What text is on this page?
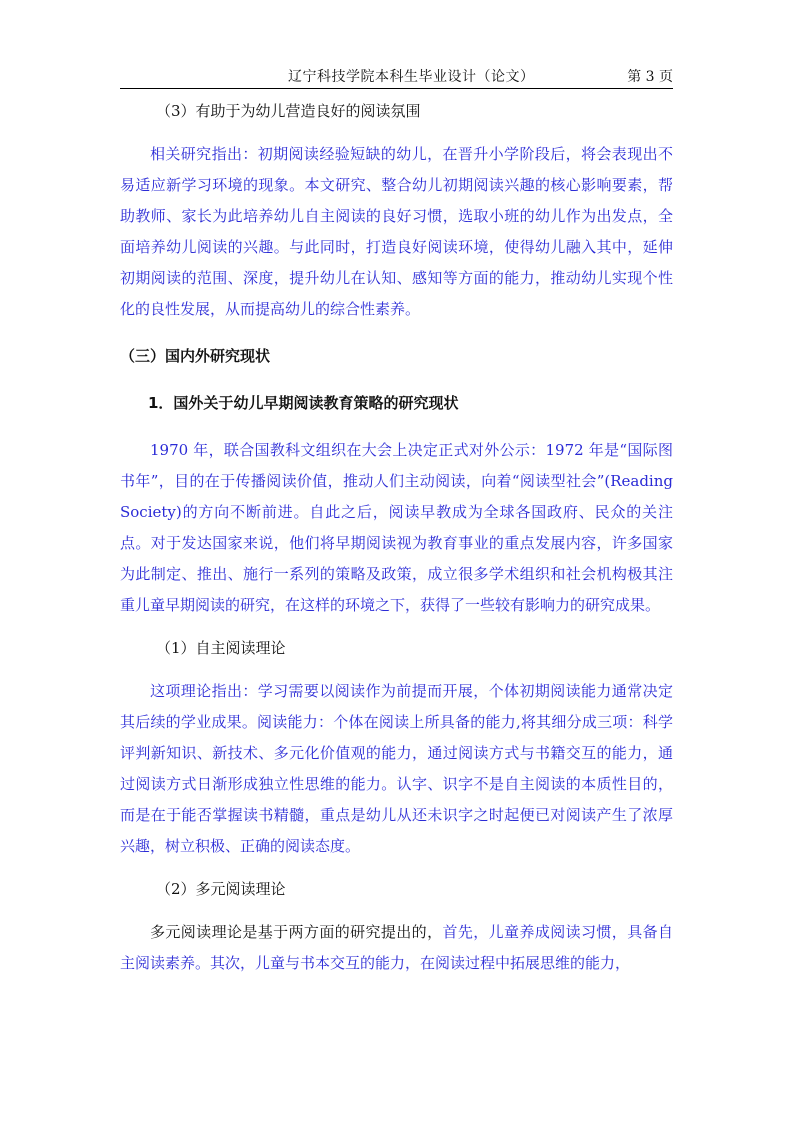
辽宁科技学院本科生毕业设计（论文）	第 3 页

（3）有助于为幼儿营造良好的阅读氛围

相关研究指出：初期阅读经验短缺的幼儿，在晋升小学阶段后，将会表现出不易适应新学习环境的现象。本文研究、整合幼儿初期阅读兴趣的核心影响要素，帮助教师、家长为此培养幼儿自主阅读的良好习惯，选取小班的幼儿作为出发点，全面培养幼儿阅读的兴趣。与此同时，打造良好阅读环境，使得幼儿融入其中，延伸初期阅读的范围、深度，提升幼儿在认知、感知等方面的能力，推动幼儿实现个性化的良性发展，从而提高幼儿的综合性素养。

（三）国内外研究现状

1．国外关于幼儿早期阅读教育策略的研究现状

1970 年，联合国教科文组织在大会上决定正式对外公示：1972 年是“国际图书年”，目的在于传播阅读价值，推动人们主动阅读，向着“阅读型社会”(Reading Society)的方向不断前进。自此之后，阅读早教成为全球各国政府、民众的关注点。对于发达国家来说，他们将早期阅读视为教育事业的重点发展内容，许多国家为此制定、推出、施行一系列的策略及政策，成立很多学术组织和社会机构极其注重儿童早期阅读的研究，在这样的环境之下，获得了一些较有影响力的研究成果。

（1）自主阅读理论

这项理论指出：学习需要以阅读作为前提而开展，个体初期阅读能力通常决定其后续的学业成果。阅读能力：个体在阅读上所具备的能力,将其细分成三项：科学评判新知识、新技术、多元化价值观的能力，通过阅读方式与书籍交互的能力，通过阅读方式日渐形成独立性思维的能力。认字、识字不是自主阅读的本质性目的，而是在于能否掌握读书精髓，重点是幼儿从还未识字之时起便已对阅读产生了浓厚兴趣，树立积极、正确的阅读态度。

（2）多元阅读理论

多元阅读理论是基于两方面的研究提出的，首先，儿童养成阅读习惯，具备自主阅读素养。其次，儿童与书本交互的能力，在阅读过程中拓展思维的能力，
